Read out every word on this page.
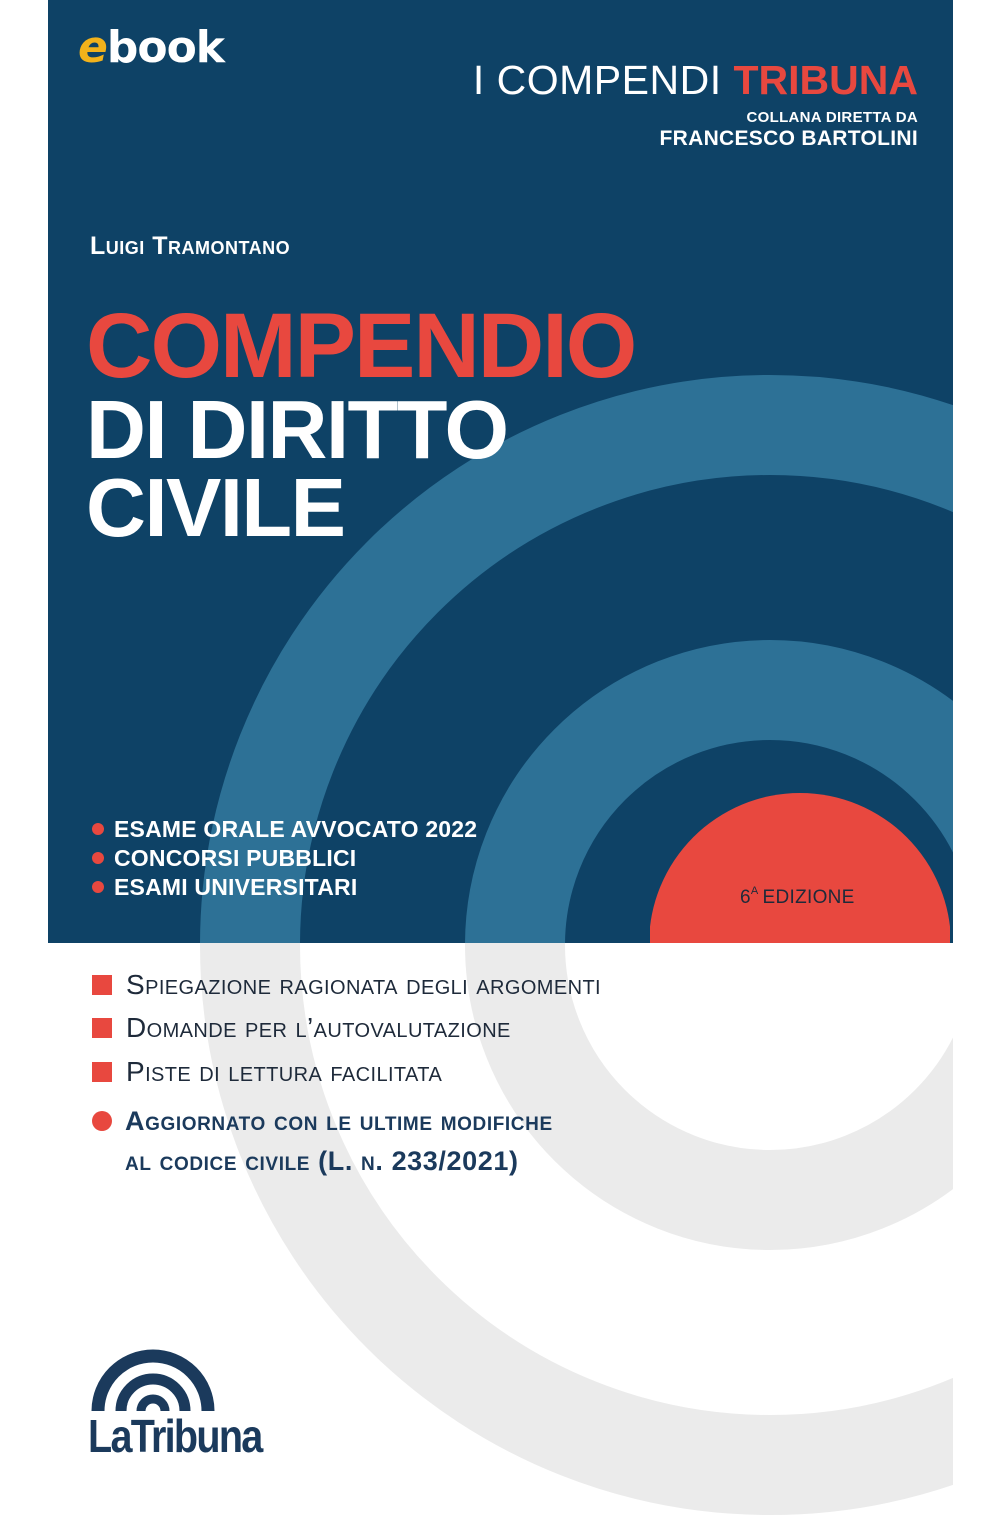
ebook
I COMPENDI TRIBUNA
COLLANA DIRETTA DA
FRANCESCO BARTOLINI
Luigi Tramontano
COMPENDIO
DI DIRITTO
CIVILE
ESAME ORALE AVVOCATO 2022
CONCORSI PUBBLICI
ESAMI UNIVERSITARI	$6^A$ EDIZIONE
Spiegazione ragionata degli argomenti
Domande per l’autovalutazione
Piste di lettura facilitata
Aggiornato con le ultime modifiche
al codice civile (L. n. 233/2021)
LaTribuna
